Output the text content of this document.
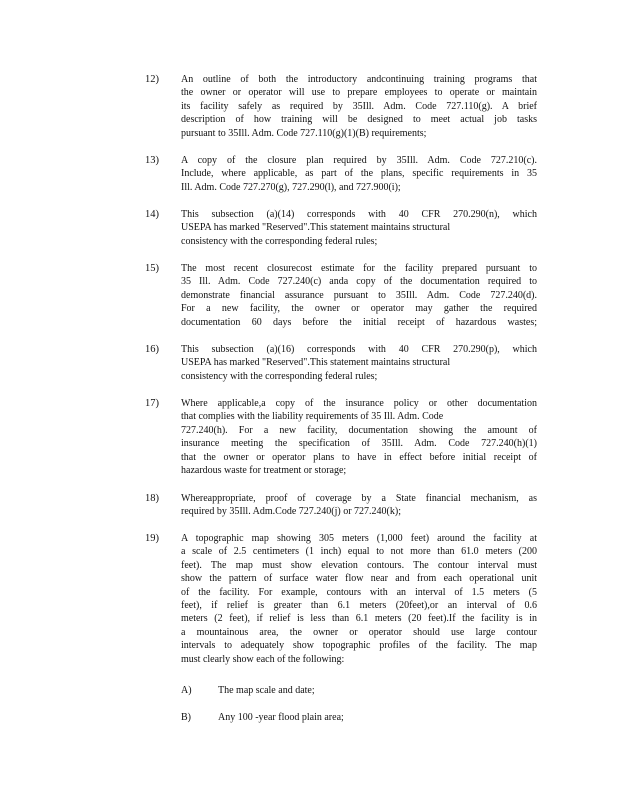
12) An outline of both the introductory andcontinuing training programs that
the owner or operator will use to prepare employees to operate or maintain
its facility safely as required by 35Ill. Adm. Code 727.110(g). A brief
description of how training will be designed to meet actual job tasks
pursuant to 35Ill. Adm. Code 727.110(g)(1)(B) requirements;
13) A copy of the closure plan required by 35Ill. Adm. Code 727.210(c).
Include, where applicable, as part of the plans, specific requirements in 35
Ill. Adm. Code 727.270(g), 727.290(l), and 727.900(i);
14) This subsection (a)(14) corresponds with 40 CFR 270.290(n), which
USEPA has marked "Reserved".This statement maintains structural
consistency with the corresponding federal rules;
15) The most recent closurecost estimate for the facility prepared pursuant to
35 Ill. Adm. Code 727.240(c) anda copy of the documentation required to
demonstrate financial assurance pursuant to 35Ill. Adm. Code 727.240(d).
For a new facility, the owner or operator may gather the required
documentation 60 days before the initial receipt of hazardous wastes;
16) This subsection (a)(16) corresponds with 40 CFR 270.290(p), which
USEPA has marked "Reserved".This statement maintains structural
consistency with the corresponding federal rules;
17) Where applicable,a copy of the insurance policy or other documentation
that complies with the liability requirements of 35 Ill. Adm. Code
727.240(h). For a new facility, documentation showing the amount of
insurance meeting the specification of 35Ill. Adm. Code 727.240(h)(1)
that the owner or operator plans to have in effect before initial receipt of
hazardous waste for treatment or storage;
18) Whereappropriate, proof of coverage by a State financial mechanism, as
required by 35Ill. Adm.Code 727.240(j) or 727.240(k);
19) A topographic map showing 305 meters (1,000 feet) around the facility at
a scale of 2.5 centimeters (1 inch) equal to not more than 61.0 meters (200
feet). The map must show elevation contours. The contour interval must
show the pattern of surface water flow near and from each operational unit
of the facility. For example, contours with an interval of 1.5 meters (5
feet), if relief is greater than 6.1 meters (20feet),or an interval of 0.6
meters (2 feet), if relief is less than 6.1 meters (20 feet).If the facility is in
a mountainous area, the owner or operator should use large contour
intervals to adequately show topographic profiles of the facility. The map
must clearly show each of the following:
A)	The map scale and date;
B)	Any 100 -year flood plain area;
